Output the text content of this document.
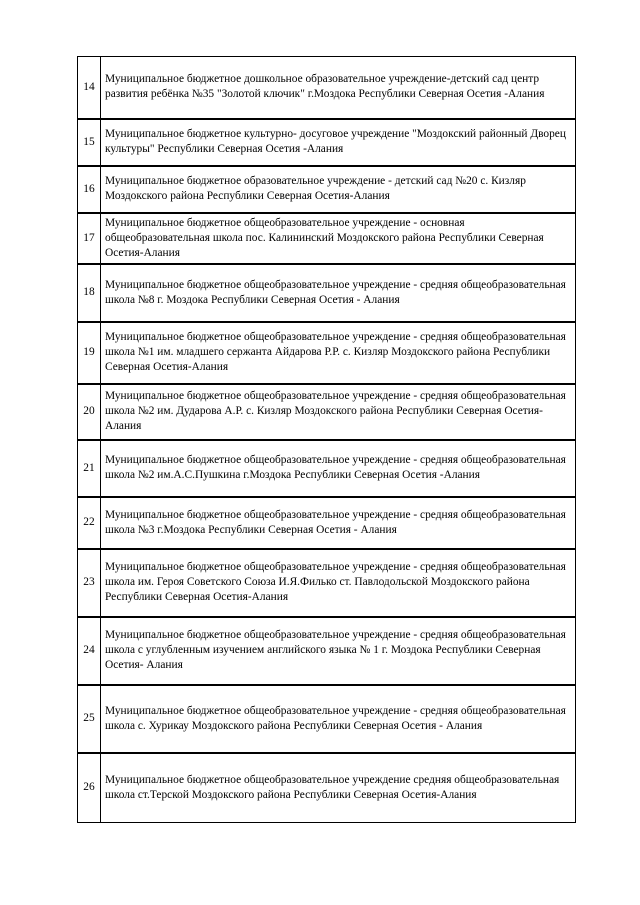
14	Муниципальное бюджетное дошкольное образовательное учреждение-детский сад центр развития ребёнка №35 "Золотой ключик" г.Моздока Республики Северная Осетия -Алания
15	Муниципальное бюджетное культурно- досуговое учреждение "Моздокский районный Дворец культуры" Республики Северная Осетия -Алания
16	Муниципальное бюджетное образовательное учреждение - детский сад №20 с. Кизляр Моздокского района Республики Северная Осетия-Алания
17	Муниципальное бюджетное общеобразовательное учреждение - основная общеобразовательная школа пос. Калининский Моздокского района Республики Северная Осетия-Алания
18	Муниципальное бюджетное общеобразовательное учреждение - средняя общеобразовательная школа №8 г. Моздока Республики Северная Осетия - Алания
19	Муниципальное бюджетное общеобразовательное учреждение - средняя общеобразовательная школа №1 им. младшего сержанта Айдарова Р.Р. с. Кизляр Моздокского района Республики Северная Осетия-Алания
20	Муниципальное бюджетное общеобразовательное учреждение - средняя общеобразовательная школа №2 им. Дударова А.Р. с. Кизляр Моздокского района Республики Северная Осетия-Алания
21	Муниципальное бюджетное общеобразовательное учреждение - средняя общеобразовательная школа №2 им.А.С.Пушкина г.Моздока Республики Северная Осетия -Алания
22	Муниципальное бюджетное общеобразовательное учреждение - средняя общеобразовательная школа №3 г.Моздока Республики Северная Осетия - Алания
23	Муниципальное бюджетное общеобразовательное учреждение - средняя общеобразовательная школа им. Героя Советского Союза И.Я.Филько ст. Павлодольской Моздокского района Республики Северная Осетия-Алания
24	Муниципальное бюджетное общеобразовательное учреждение - средняя общеобразовательная школа с углубленным изучением английского языка № 1 г. Моздока Республики Северная Осетия- Алания
25	Муниципальное бюджетное общеобразовательное учреждение - средняя общеобразовательная школа с. Хурикау Моздокского района Республики Северная Осетия - Алания
26	Муниципальное бюджетное общеобразовательное учреждение средняя общеобразовательная школа ст.Терской Моздокского района Республики Северная Осетия-Алания
